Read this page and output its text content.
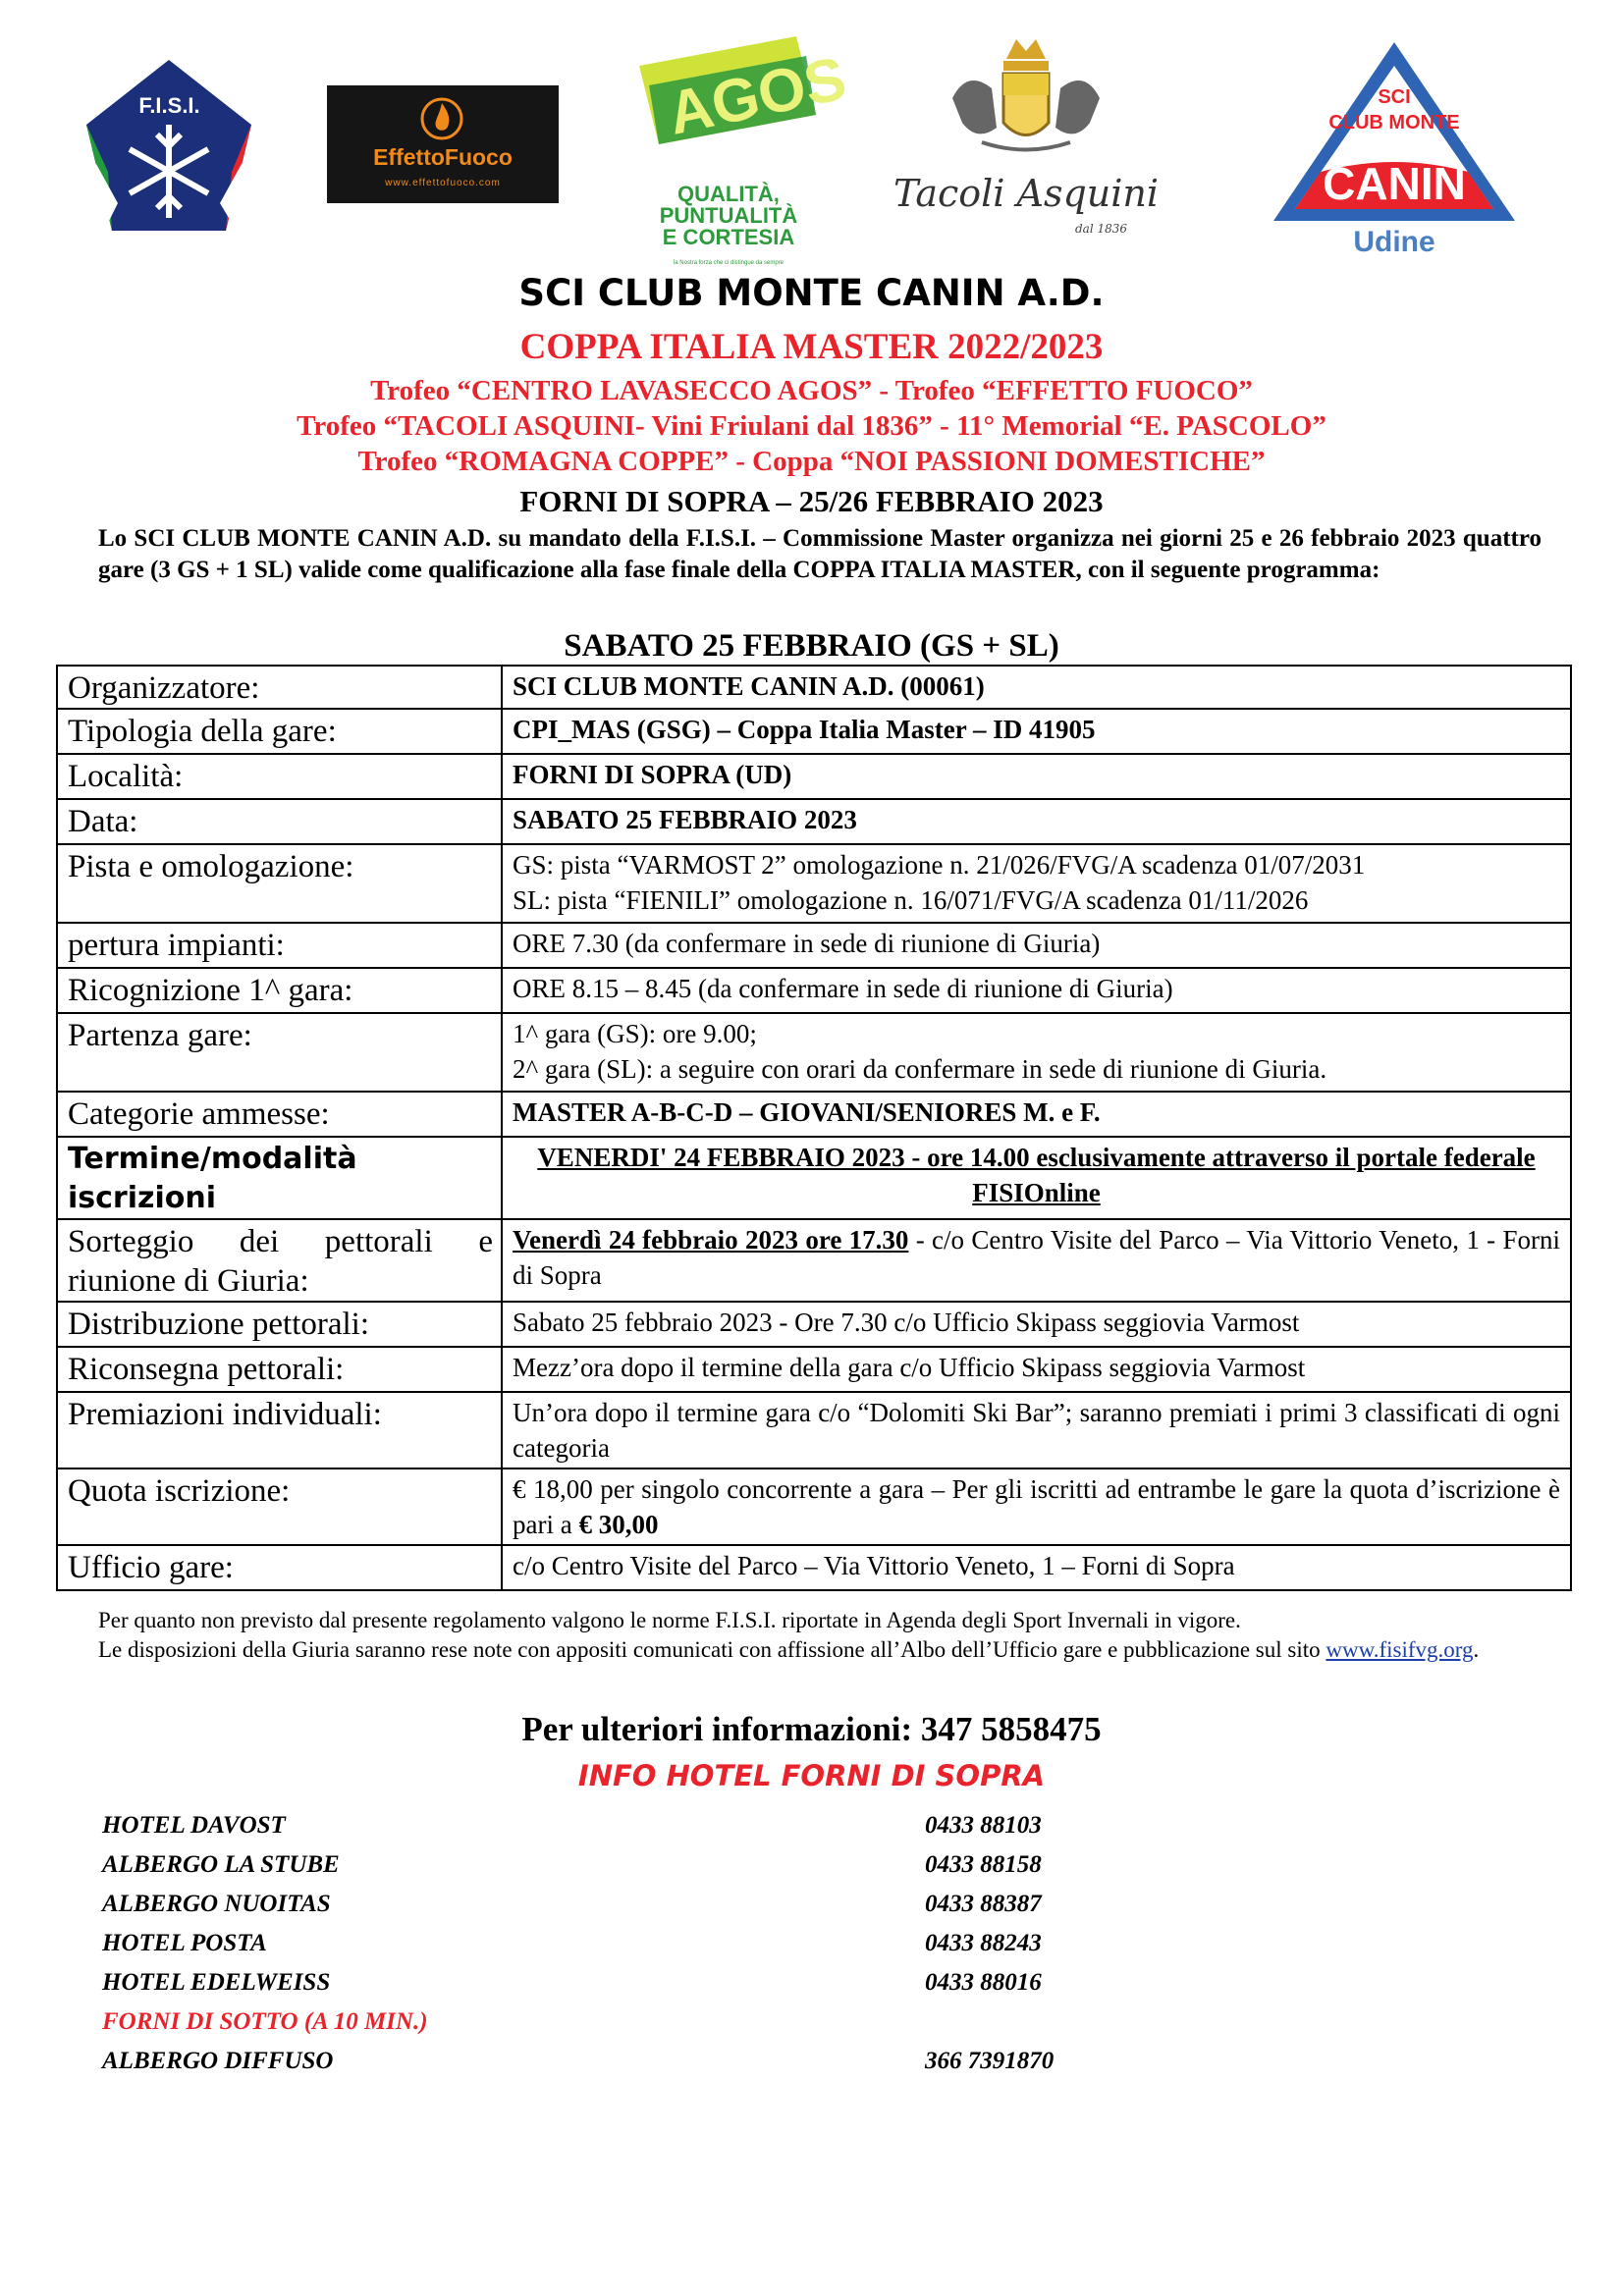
F.I.S.I.
EffettoFuoco
www.effettofuoco.com
AGOS
QUALITÀ,
PUNTUALITÀ
E CORTESIA
la Nostra forza che ci distingue da sempre
Tacoli Asquini
dal 1836
SCI
CLUB MONTE
CANIN
Udine
SCI CLUB MONTE CANIN A.D.
COPPA ITALIA MASTER 2022/2023
Trofeo “CENTRO LAVASECCO AGOS” - Trofeo “EFFETTO FUOCO”
Trofeo “TACOLI ASQUINI- Vini Friulani dal 1836” - 11° Memorial “E. PASCOLO”
Trofeo “ROMAGNA COPPE” - Coppa “NOI PASSIONI DOMESTICHE”
FORNI DI SOPRA – 25/26 FEBBRAIO 2023
Lo SCI CLUB MONTE CANIN A.D. su mandato della F.I.S.I. – Commissione Master organizza nei giorni 25 e 26 febbraio 2023 quattro gare (3 GS + 1 SL) valide come qualificazione alla fase finale della COPPA ITALIA MASTER, con il seguente programma:
SABATO 25 FEBBRAIO (GS + SL)
Organizzatore:	SCI CLUB MONTE CANIN A.D. (00061)
Tipologia della gare:	CPI_MAS (GSG) – Coppa Italia Master – ID 41905
Località:	FORNI DI SOPRA (UD)
Data:	SABATO 25 FEBBRAIO 2023
Pista e omologazione:	GS: pista “VARMOST 2” omologazione n. 21/026/FVG/A scadenza 01/07/2031
SL: pista “FIENILI” omologazione n. 16/071/FVG/A scadenza 01/11/2026

pertura impianti:	ORE 7.30 (da confermare in sede di riunione di Giuria)
Ricognizione 1^ gara:	ORE 8.15 – 8.45 (da confermare in sede di riunione di Giuria)
Partenza gare:	1^ gara (GS): ore 9.00;
2^ gara (SL): a seguire con orari da confermare in sede di riunione di Giuria.

Categorie ammesse:	MASTER A-B-C-D – GIOVANI/SENIORES M. e F.
Termine/modalità iscrizioni	VENERDI' 24 FEBBRAIO 2023 - ore 14.00 esclusivamente attraverso il portale federale FISIOnline
Sorteggio dei pettorali e riunione di Giuria:	Venerdì 24 febbraio 2023 ore 17.30 - c/o Centro Visite del Parco – Via Vittorio Veneto, 1 - Forni di Sopra
Distribuzione pettorali:	Sabato 25 febbraio 2023 - Ore 7.30 c/o Ufficio Skipass seggiovia Varmost
Riconsegna pettorali:	Mezz’ora dopo il termine della gara c/o Ufficio Skipass seggiovia Varmost
Premiazioni individuali:	Un’ora dopo il termine gara c/o “Dolomiti Ski Bar”; saranno premiati i primi 3 classificati di ogni categoria
Quota iscrizione:	€ 18,00 per singolo concorrente a gara – Per gli iscritti ad entrambe le gare la quota d’iscrizione è pari a € 30,00
Ufficio gare:	c/o Centro Visite del Parco – Via Vittorio Veneto, 1 – Forni di Sopra
Per quanto non previsto dal presente regolamento valgono le norme F.I.S.I. riportate in Agenda degli Sport Invernali in vigore.
Le disposizioni della Giuria saranno rese note con appositi comunicati con affissione all’Albo dell’Ufficio gare e pubblicazione sul sito www.fisifvg.org.
Per ulteriori informazioni: 347 5858475
INFO HOTEL FORNI DI SOPRA
HOTEL DAVOST	0433 88103
ALBERGO LA STUBE	0433 88158
ALBERGO NUOITAS	0433 88387
HOTEL POSTA	0433 88243
HOTEL EDELWEISS	0433 88016
FORNI DI SOTTO (A 10 MIN.)
ALBERGO DIFFUSO	366 7391870
